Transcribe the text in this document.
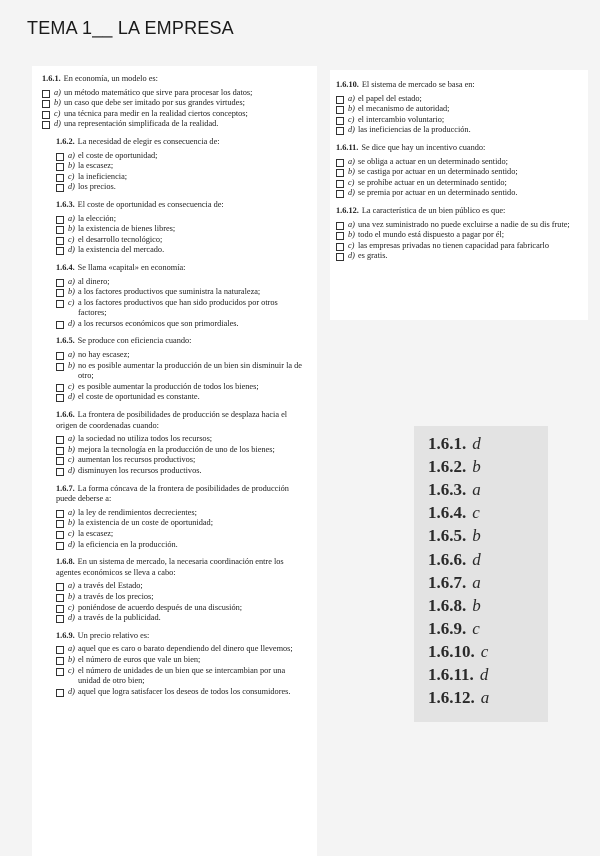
TEMA 1__ LA EMPRESA
1.6.1. En economía, un modelo es:
a) un método matemático que sirve para procesar los datos;
b) un caso que debe ser imitado por sus grandes virtudes;
c) una técnica para medir en la realidad ciertos conceptos;
d) una representación simplificada de la realidad.
1.6.2. La necesidad de elegir es consecuencia de:
a) el coste de oportunidad;
b) la escasez;
c) la ineficiencia;
d) los precios.
1.6.3. El coste de oportunidad es consecuencia de:
a) la elección;
b) la existencia de bienes libres;
c) el desarrollo tecnológico;
d) la existencia del mercado.
1.6.4. Se llama «capital» en economía:
a) al dinero;
b) a los factores productivos que suministra la naturaleza;
c) a los factores productivos que han sido producidos por otros factores;
d) a los recursos económicos que son primordiales.
1.6.5. Se produce con eficiencia cuando:
a) no hay escasez;
b) no es posible aumentar la producción de un bien sin disminuir la de otro;
c) es posible aumentar la producción de todos los bienes;
d) el coste de oportunidad es constante.
1.6.6. La frontera de posibilidades de producción se desplaza hacia el origen de coordenadas cuando:
a) la sociedad no utiliza todos los recursos;
b) mejora la tecnología en la producción de uno de los bienes;
c) aumentan los recursos productivos;
d) disminuyen los recursos productivos.
1.6.7. La forma cóncava de la frontera de posibilidades de producción puede deberse a:
a) la ley de rendimientos decrecientes;
b) la existencia de un coste de oportunidad;
c) la escasez;
d) la eficiencia en la producción.
1.6.8. En un sistema de mercado, la necesaria coordinación entre los agentes económicos se lleva a cabo:
a) a través del Estado;
b) a través de los precios;
c) poniéndose de acuerdo después de una discusión;
d) a través de la publicidad.
1.6.9. Un precio relativo es:
a) aquel que es caro o barato dependiendo del dinero que llevemos;
b) el número de euros que vale un bien;
c) el número de unidades de un bien que se intercambian por una unidad de otro bien;
d) aquel que logra satisfacer los deseos de todos los consumidores.
1.6.10. El sistema de mercado se basa en:
a) el papel del estado;
b) el mecanismo de autoridad;
c) el intercambio voluntario;
d) las ineficiencias de la producción.
1.6.11. Se dice que hay un incentivo cuando:
a) se obliga a actuar en un determinado sentido;
b) se castiga por actuar en un determinado sentido;
c) se prohíbe actuar en un determinado sentido;
d) se premia por actuar en un determinado sentido.
1.6.12. La característica de un bien público es que:
a) una vez suministrado no puede excluirse a nadie de su dis frute;
b) todo el mundo está dispuesto a pagar por él;
c) las empresas privadas no tienen capacidad para fabricarlo
d) es gratis.
1.6.1. d
1.6.2. b
1.6.3. a
1.6.4. c
1.6.5. b
1.6.6. d
1.6.7. a
1.6.8. b
1.6.9. c
1.6.10. c
1.6.11. d
1.6.12. a
